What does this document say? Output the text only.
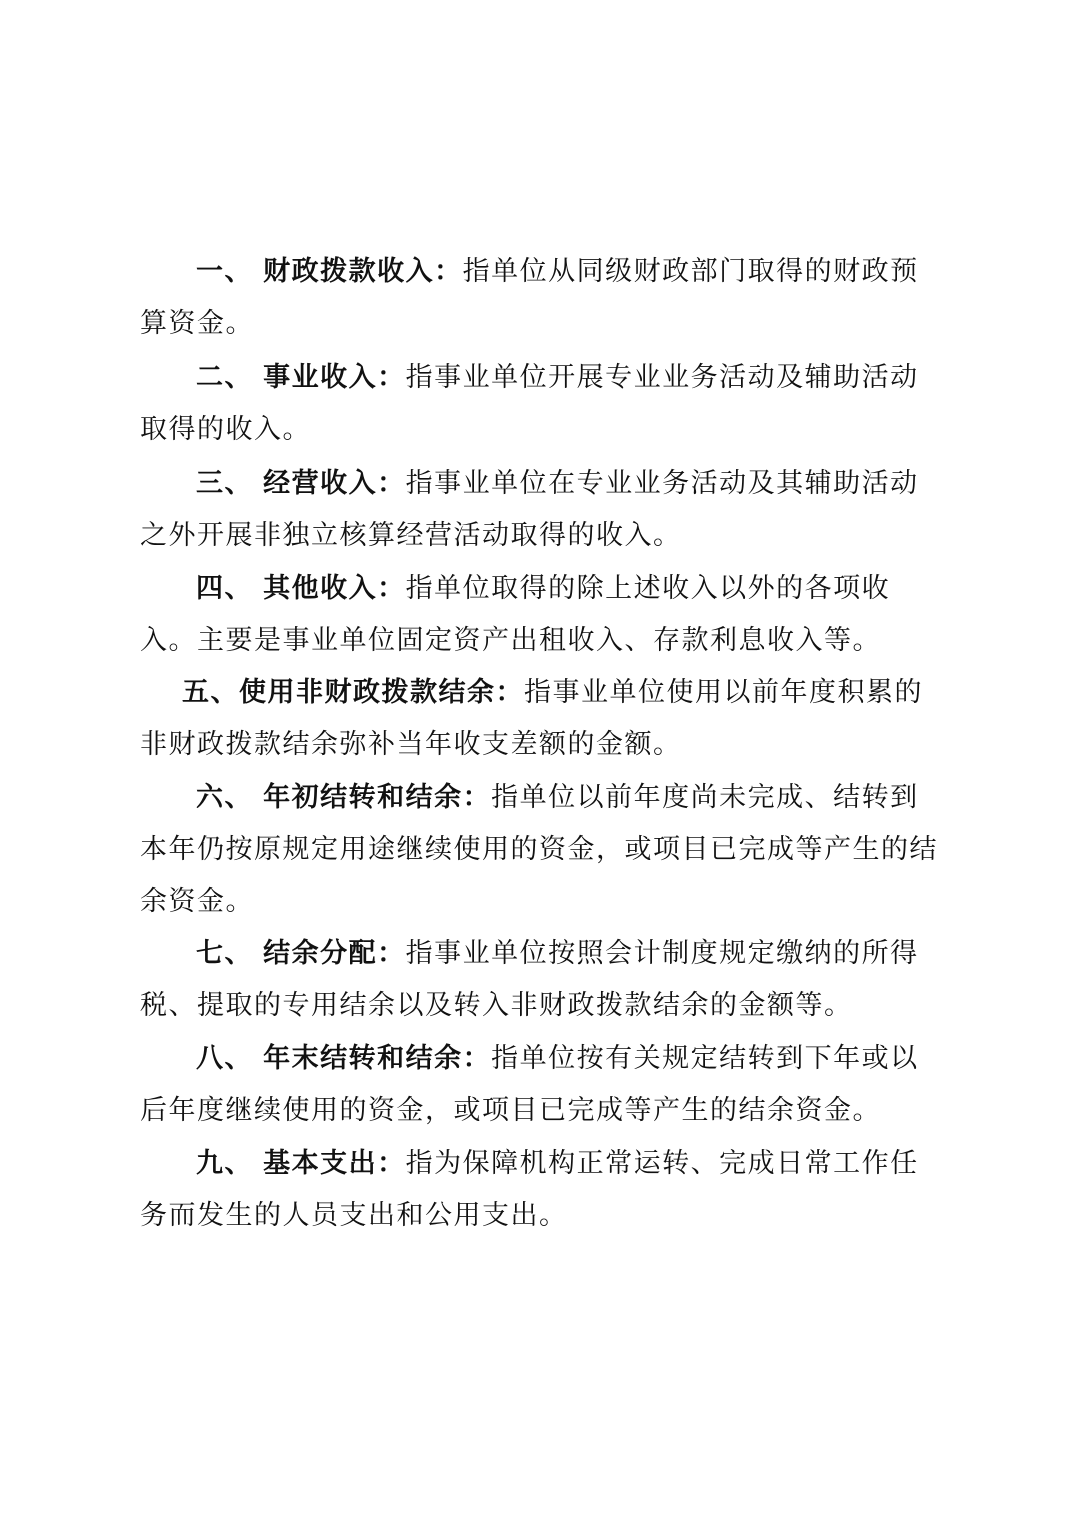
一、 财政拨款收入：指单位从同级财政部门取得的财政预
算资金。
二、 事业收入：指事业单位开展专业业务活动及辅助活动
取得的收入。
三、 经营收入：指事业单位在专业业务活动及其辅助活动
之外开展非独立核算经营活动取得的收入。
四、 其他收入：指单位取得的除上述收入以外的各项收
入。主要是事业单位固定资产出租收入、存款利息收入等。
五、使用非财政拨款结余：指事业单位使用以前年度积累的
非财政拨款结余弥补当年收支差额的金额。
六、 年初结转和结余：指单位以前年度尚未完成、结转到
本年仍按原规定用途继续使用的资金，或项目已完成等产生的结
余资金。
七、 结余分配：指事业单位按照会计制度规定缴纳的所得
税、提取的专用结余以及转入非财政拨款结余的金额等。
八、 年末结转和结余：指单位按有关规定结转到下年或以
后年度继续使用的资金，或项目已完成等产生的结余资金。
九、 基本支出：指为保障机构正常运转、完成日常工作任
务而发生的人员支出和公用支出。
